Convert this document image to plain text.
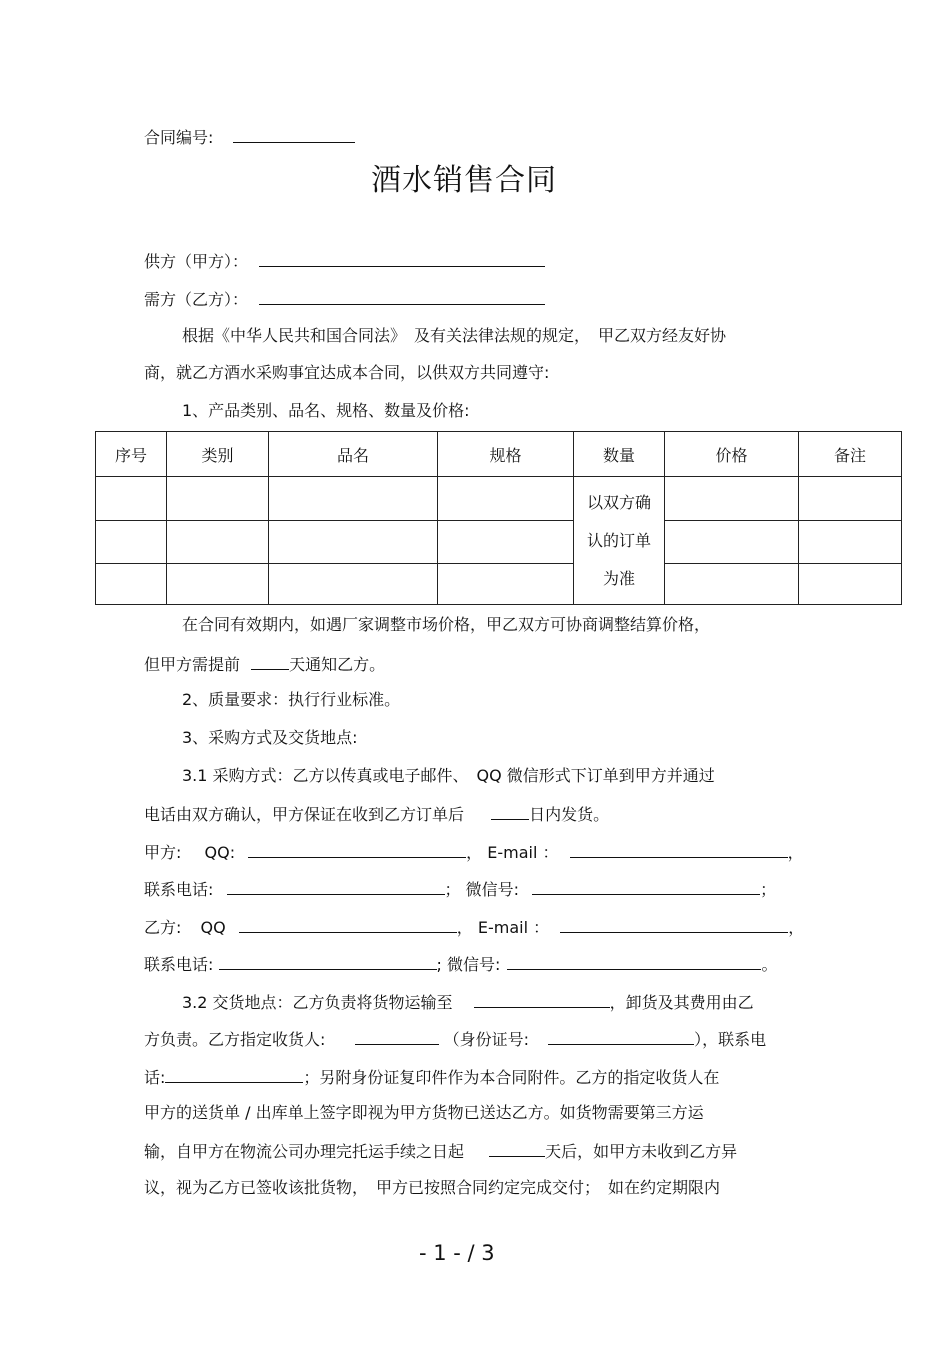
合同编号:
酒水销售合同
供方（甲方）：
需方（乙方）：
根据《中华人民共和国合同法》　及有关法律法规的规定，　甲乙双方经友好协
商，就乙方酒水采购事宜达成本合同，以供双方共同遵守:
1、产品类别、品名、规格、数量及价格:
序号	类别	品名	规格	数量	价格	备注

				以双方确
认的订单
为准		

在合同有效期内，如遇厂家调整市场价格，甲乙双方可协商调整结算价格，
但甲方需提前	天通知乙方。
2、质量要求：执行行业标准。
3、采购方式及交货地点:
3.1 采购方式：乙方以传真或电子邮件、　QQ 微信形式下订单到甲方并通过
电话由双方确认，甲方保证在收到乙方订单后	日内发货。
甲方: QQ:	， E-mail ：	，
联系电话:	； 微信号:	；
乙方: QQ	， E-mail ：	，
联系电话:	; 微信号:	。
3.2 交货地点：乙方负责将货物运输至	，卸货及其费用由乙
方负责。乙方指定收货人:	（身份证号:	），联系电
话:	；另附身份证复印件作为本合同附件。乙方的指定收货人在
甲方的送货单 / 出库单上签字即视为甲方货物已送达乙方。如货物需要第三方运
输，自甲方在物流公司办理完托运手续之日起	天后，如甲方未收到乙方异
议，视为乙方已签收该批货物，　甲方已按照合同约定完成交付；　如在约定期限内
- 1 - / 3
